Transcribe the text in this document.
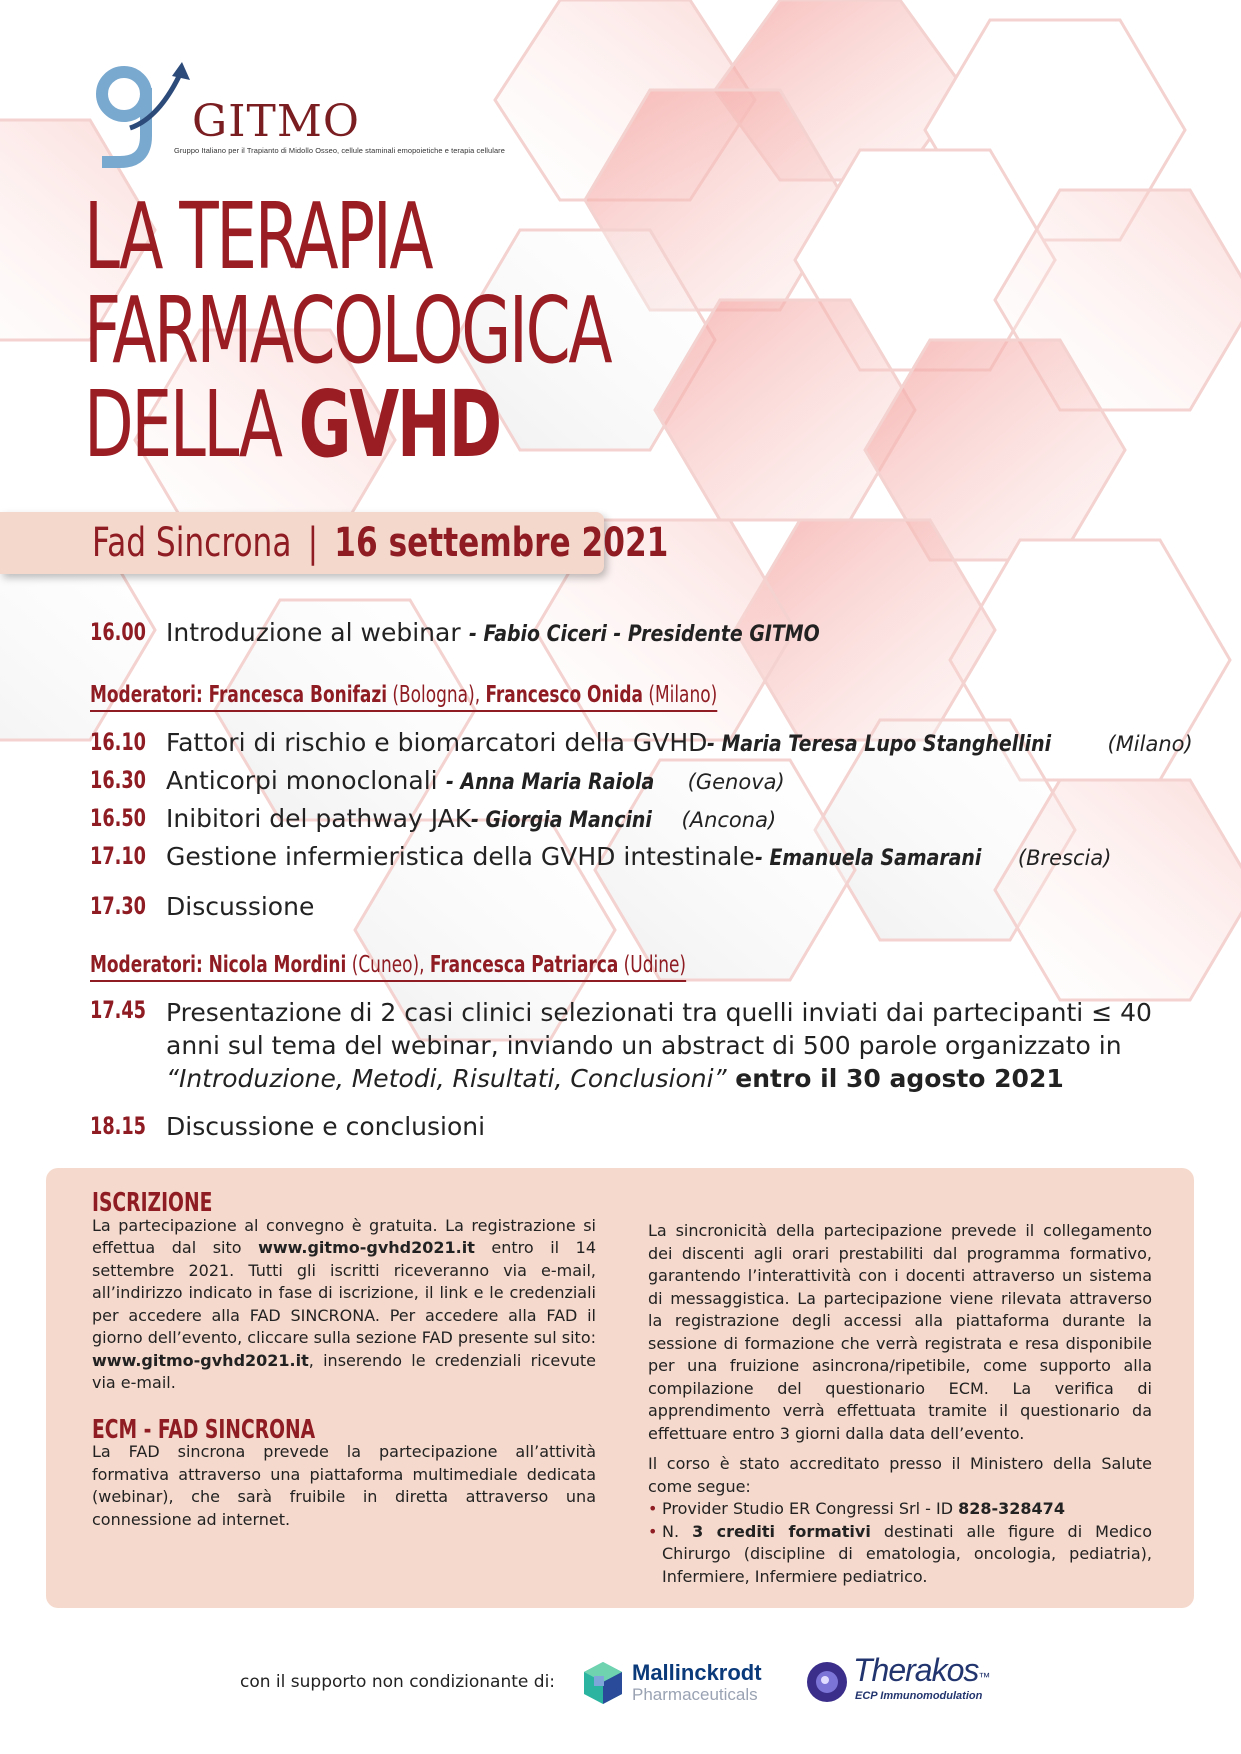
GITMO
Gruppo Italiano per il Trapianto di Midollo Osseo, cellule staminali emopoietiche e terapia cellulare
LA TERAPIA
FARMACOLOGICA
DELLA GVHD
Fad Sincrona | 16 settembre 2021
16.00 Introduzione al webinar - Fabio Ciceri - Presidente GITMO
Moderatori: Francesca Bonifazi (Bologna), Francesco Onida (Milano)
16.10 Fattori di rischio e biomarcatori della GVHD- Maria Teresa Lupo Stanghellini	(Milano)
16.30 Anticorpi monoclonali - Anna Maria Raiola(Genova)
16.50 Inibitori del pathway JAK- Giorgia Mancini(Ancona)
17.10 Gestione infermieristica della GVHD intestinale- Emanuela Samarani(Brescia)
17.30 Discussione
Moderatori: Nicola Mordini (Cuneo), Francesca Patriarca (Udine)
17.45 Presentazione di 2 casi clinici selezionati tra quelli inviati dai partecipanti ≤ 40 anni sul tema del webinar, inviando un abstract di 500 parole organizzato in “Introduzione, Metodi, Risultati, Conclusioni” entro il 30 agosto 2021
18.15 Discussione e conclusioni
ISCRIZIONE

La partecipazione al convegno è gratuita. La registrazione si effettua dal sito www.gitmo-gvhd2021.it entro il 14 settembre 2021. Tutti gli iscritti riceveranno via e-mail, all’indirizzo indicato in fase di iscrizione, il link e le credenziali per accedere alla FAD SINCRONA. Per accedere alla FAD il giorno dell’evento, cliccare sulla sezione FAD presente sul sito: www.gitmo-gvhd2021.it, inserendo le credenziali ricevute via e-mail.

ECM - FAD SINCRONA

La FAD sincrona prevede la partecipazione all’attività formativa attraverso una piattaforma multimediale dedicata (webinar), che sarà fruibile in diretta attraverso una connessione ad internet.

La sincronicità della partecipazione prevede il collegamento dei discenti agli orari prestabiliti dal programma formativo, garantendo l’interattività con i docenti attraverso un sistema di messaggistica. La partecipazione viene rilevata attraverso la registrazione degli accessi alla piattaforma durante la sessione di formazione che verrà registrata e resa disponibile per una fruizione asincrona/ripetibile, come supporto alla compilazione del questionario ECM. La verifica di apprendimento verrà effettuata tramite il questionario da effettuare entro 3 giorni dalla data dell’evento.

Il corso è stato accreditato presso il Ministero della Salute come segue:

• Provider Studio ER Congressi Srl - ID 828-328474
• N. 3 crediti formativi destinati alle figure di Medico Chirurgo (discipline di ematologia, oncologia, pediatria), Infermiere, Infermiere pediatrico.
con il supporto non condizionante di:	Mallinckrodt
Pharmaceuticals
Therakos™
ECP Immunomodulation
